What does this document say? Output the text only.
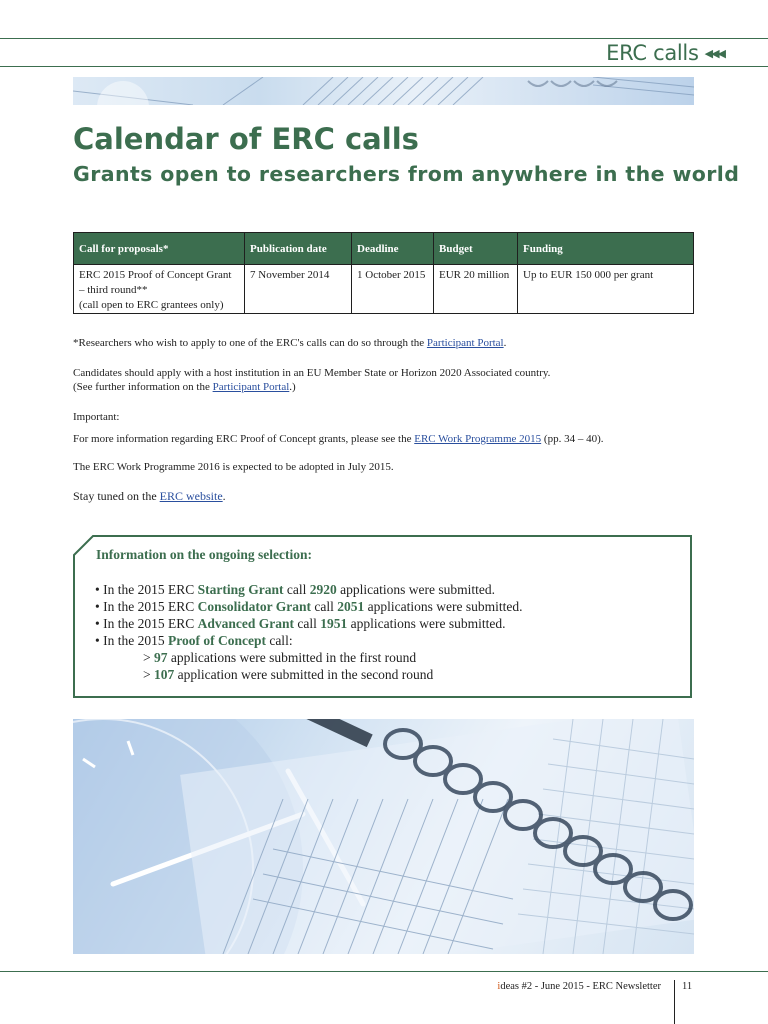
ERC calls ◀◀◀
Calendar of ERC calls
Grants open to researchers from anywhere in the world
Call for proposals*	Publication date	Deadline	Budget	Funding

ERC 2015 Proof of Concept Grant
– third round**
(call open to ERC grantees only)	7 November 2014	1 October 2015	EUR 20 million	Up to EUR 150 000 per grant

*Researchers who wish to apply to one of the ERC's calls can do so through the Participant Portal.

Candidates should apply with a host institution in an EU Member State or Horizon 2020 Associated country.
(See further information on the Participant Portal.)

Important:

For more information regarding ERC Proof of Concept grants, please see the ERC Work Programme 2015 (pp. 34 – 40).

The ERC Work Programme 2016 is expected to be adopted in July 2015.

Stay tuned on the ERC website.

Information on the ongoing selection:

• In the 2015 ERC Starting Grant call 2920 applications were submitted.
• In the 2015 ERC Consolidator Grant call 2051 applications were submitted.
• In the 2015 ERC Advanced Grant call 1951 applications were submitted.
• In the 2015 Proof of Concept call:
> 97 applications were submitted in the first round
> 107 application were submitted in the second round
ideas #2 - June 2015 - ERC Newsletter 11
